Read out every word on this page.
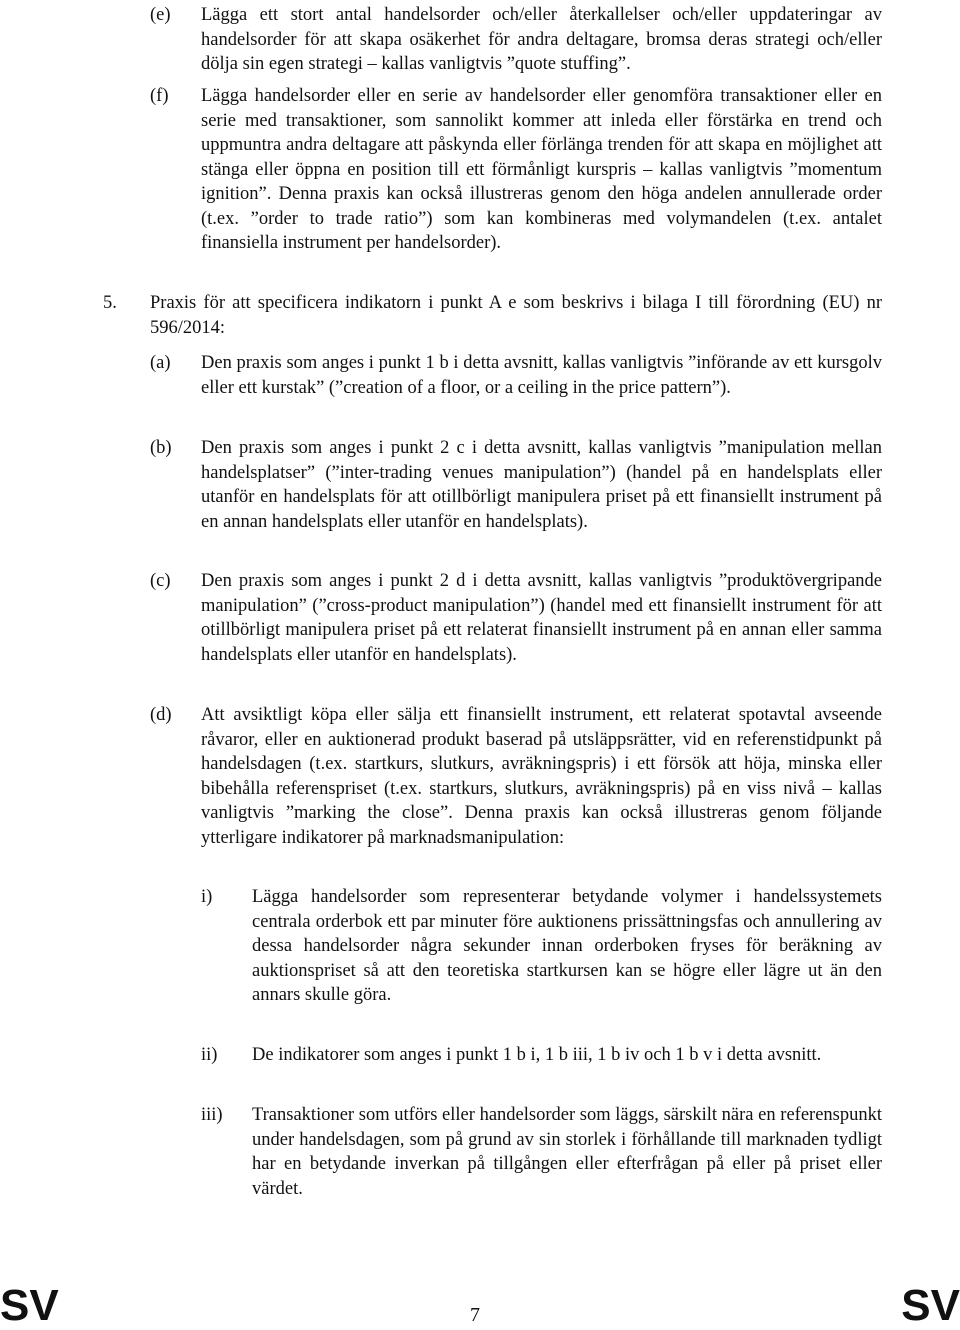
(e) Lägga ett stort antal handelsorder och/eller återkallelser och/eller uppdateringar av handelsorder för att skapa osäkerhet för andra deltagare, bromsa deras strategi och/eller dölja sin egen strategi – kallas vanligtvis ”quote stuffing”.
(f) Lägga handelsorder eller en serie av handelsorder eller genomföra transaktioner eller en serie med transaktioner, som sannolikt kommer att inleda eller förstärka en trend och uppmuntra andra deltagare att påskynda eller förlänga trenden för att skapa en möjlighet att stänga eller öppna en position till ett förmånligt kurspris – kallas vanligtvis ”momentum ignition”. Denna praxis kan också illustreras genom den höga andelen annullerade order (t.ex. ”order to trade ratio”) som kan kombineras med volymandelen (t.ex. antalet finansiella instrument per handelsorder).
5. Praxis för att specificera indikatorn i punkt A e som beskrivs i bilaga I till förordning (EU) nr 596/2014:
(a) Den praxis som anges i punkt 1 b i detta avsnitt, kallas vanligtvis ”införande av ett kursgolv eller ett kurstak” (”creation of a floor, or a ceiling in the price pattern”).
(b) Den praxis som anges i punkt 2 c i detta avsnitt, kallas vanligtvis ”manipulation mellan handelsplatser” (”inter-trading venues manipulation”) (handel på en handelsplats eller utanför en handelsplats för att otillbörligt manipulera priset på ett finansiellt instrument på en annan handelsplats eller utanför en handelsplats).
(c) Den praxis som anges i punkt 2 d i detta avsnitt, kallas vanligtvis ”produktövergripande manipulation” (”cross-product manipulation”) (handel med ett finansiellt instrument för att otillbörligt manipulera priset på ett relaterat finansiellt instrument på en annan eller samma handelsplats eller utanför en handelsplats).
(d) Att avsiktligt köpa eller sälja ett finansiellt instrument, ett relaterat spotavtal avseende råvaror, eller en auktionerad produkt baserad på utsläppsrätter, vid en referenstidpunkt på handelsdagen (t.ex. startkurs, slutkurs, avräkningspris) i ett försök att höja, minska eller bibehålla referenspriset (t.ex. startkurs, slutkurs, avräkningspris) på en viss nivå – kallas vanligtvis ”marking the close”. Denna praxis kan också illustreras genom följande ytterligare indikatorer på marknadsmanipulation:
i) Lägga handelsorder som representerar betydande volymer i handelssystemets centrala orderbok ett par minuter före auktionens prissättningsfas och annullering av dessa handelsorder några sekunder innan orderboken fryses för beräkning av auktionspriset så att den teoretiska startkursen kan se högre eller lägre ut än den annars skulle göra.
ii) De indikatorer som anges i punkt 1 b i, 1 b iii, 1 b iv och 1 b v i detta avsnitt.
iii) Transaktioner som utförs eller handelsorder som läggs, särskilt nära en referenspunkt under handelsdagen, som på grund av sin storlek i förhållande till marknaden tydligt har en betydande inverkan på tillgången eller efterfrågan på eller på priset eller värdet.
SV	7	SV
